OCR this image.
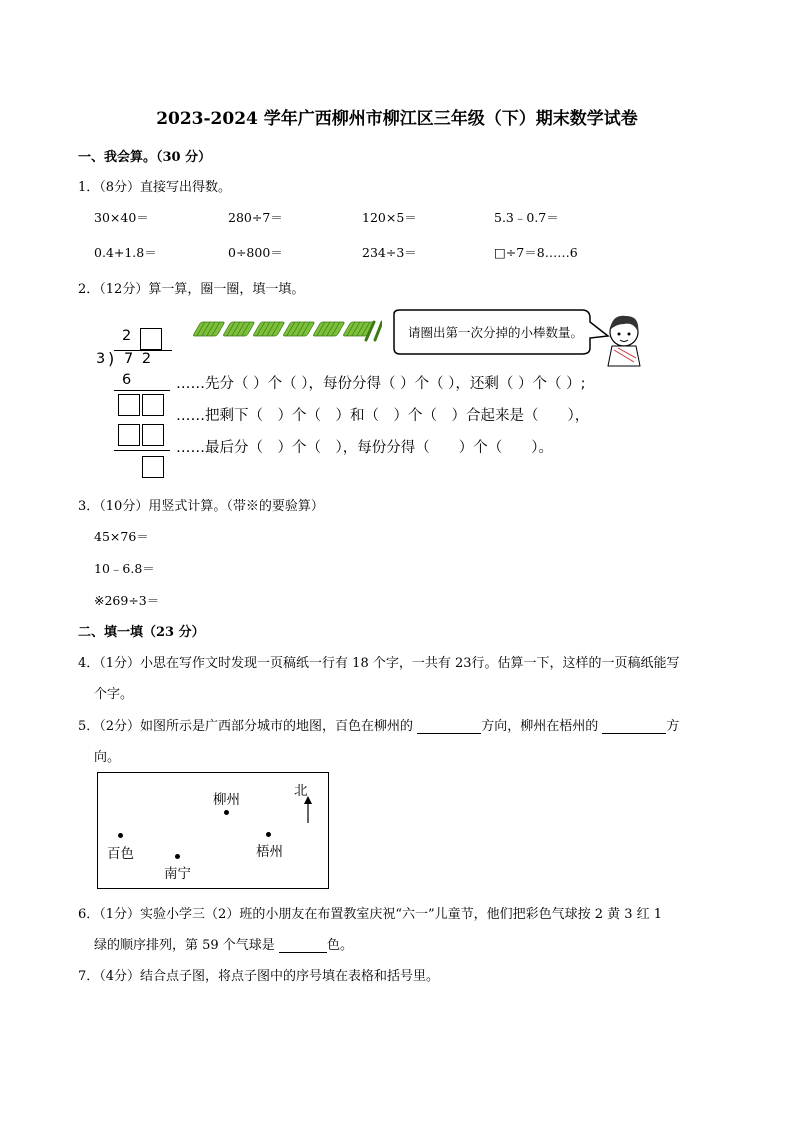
2023-2024 学年广西柳州市柳江区三年级（下）期末数学试卷
一、我会算。（30 分）
1．（8分）直接写出得数。
30×40＝	280÷7＝	120×5＝	5.3﹣0.7＝
0.4+1.8＝	0÷800＝	234÷3＝	□÷7＝8……6
2．（12分）算一算，圈一圈，填一填。
请圈出第一次分掉的小棒数量。
2
3 ) 7 2
6	……先分（ ）个（ ），每份分得（ ）个（ ），还剩（ ）个（ ）;
……把剩下（　）个（　）和（　）个（　）合起来是（　　），
……最后分（　）个（　），每份分得（　　）个（　　）。
3．（10分）用竖式计算。（带※的要验算）
45×76＝
10﹣6.8＝
※269÷3＝
二、填一填（23 分）
4．（1分）小思在写作文时发现一页稿纸一行有 18 个字，一共有 23行。估算一下，这样的一页稿纸能写
个字。
5．（2分）如图所示是广西部分城市的地图，百色在柳州的	方向，柳州在梧州的	方
向。
北
柳州
梧州
百色
南宁
6．（1分）实验小学三（2）班的小朋友在布置教室庆祝“六一”儿童节，他们把彩色气球按 2 黄 3 红 1
绿的顺序排列，第 59 个气球是	色。
7．（4分）结合点子图，将点子图中的序号填在表格和括号里。
